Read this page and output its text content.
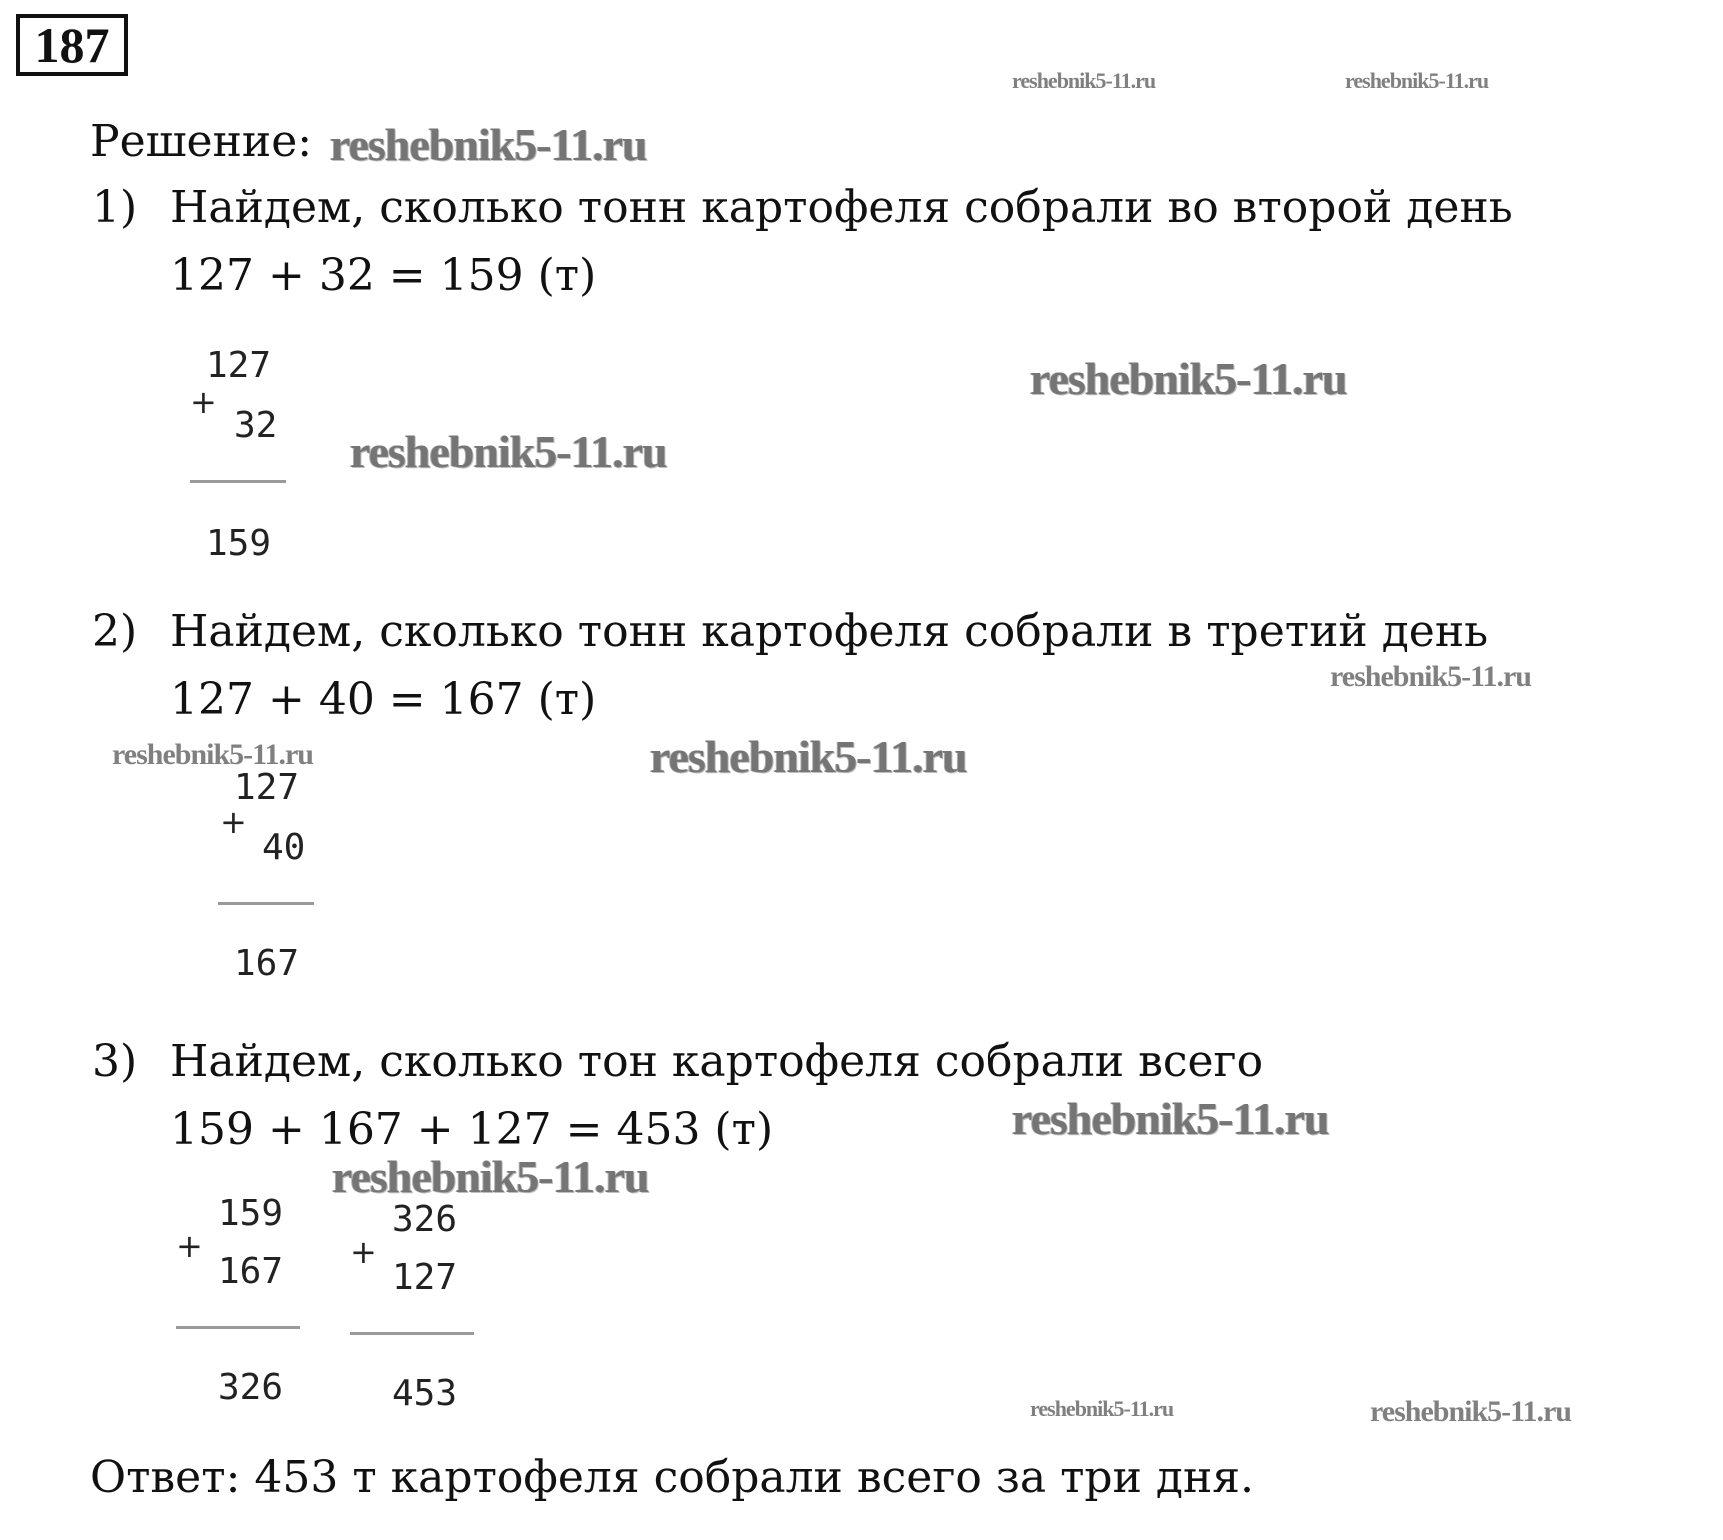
187
reshebnik5-11.ru	reshebnik5-11.ru
reshebnik5-11.ru
reshebnik5-11.ru
reshebnik5-11.ru
reshebnik5-11.ru
reshebnik5-11.ru	reshebnik5-11.ru
reshebnik5-11.ru
reshebnik5-11.ru
reshebnik5-11.ru	reshebnik5-11.ru
Решение:
1) Найдем, сколько тонн картофеля собрали во второй день
127 + 32 = 159 (т)
127
+
32
159
2) Найдем, сколько тонн картофеля собрали в третий день
127 + 40 = 167 (т)
127
+
40
167
3) Найдем, сколько тон картофеля собрали всего
159 + 167 + 127 = 453 (т)
159
+
167
326
326
+
127
453
Ответ: 453 т картофеля собрали всего за три дня.
